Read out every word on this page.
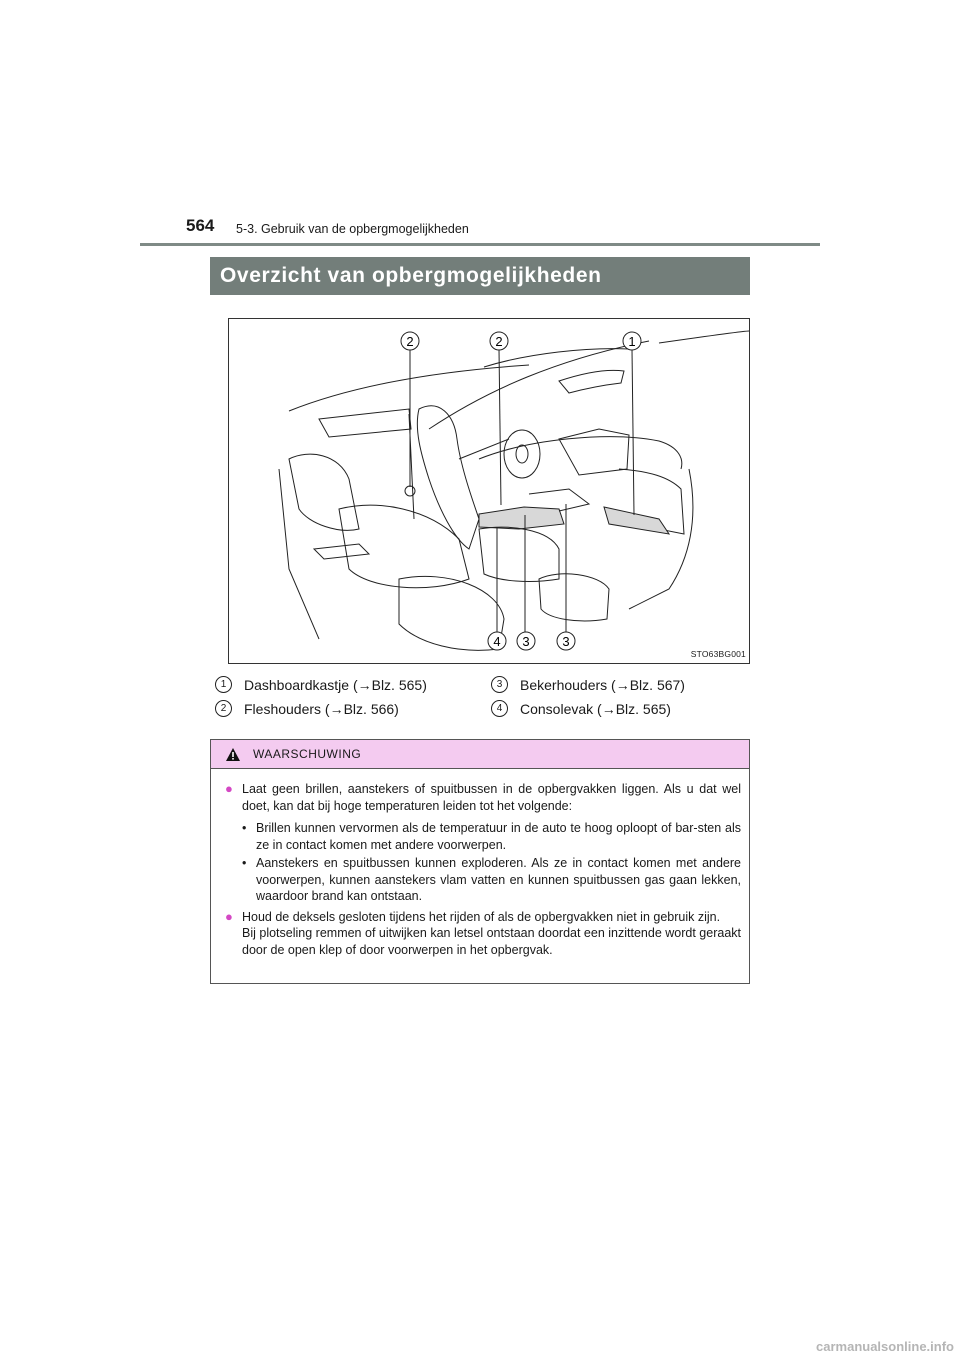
564 5-3. Gebruik van de opbergmogelijkheden
Overzicht van opbergmogelijkheden
2	2	1
4 3	3
STO63BG001
1	Dashboardkastje (→Blz. 565)
2	Fleshouders (→Blz. 566)
3	Bekerhouders (→Blz. 567)
4	Consolevak (→Blz. 565)
WAARSCHUWING
● Laat geen brillen, aanstekers of spuitbussen in de opbergvakken liggen. Als u dat wel doet, kan dat bij hoge temperaturen leiden tot het volgende:

• Brillen kunnen vervormen als de temperatuur in de auto te hoog oploopt of bar-sten als ze in contact komen met andere voorwerpen.

• Aanstekers en spuitbussen kunnen exploderen. Als ze in contact komen met andere voorwerpen, kunnen aanstekers vlam vatten en kunnen spuitbussen gas gaan lekken, waardoor brand kan ontstaan.

● Houd de deksels gesloten tijdens het rijden of als de opbergvakken niet in gebruik zijn.
Bij plotseling remmen of uitwijken kan letsel ontstaan doordat een inzittende wordt geraakt door de open klep of door voorwerpen in het opbergvak.

carmanualsonline.info
